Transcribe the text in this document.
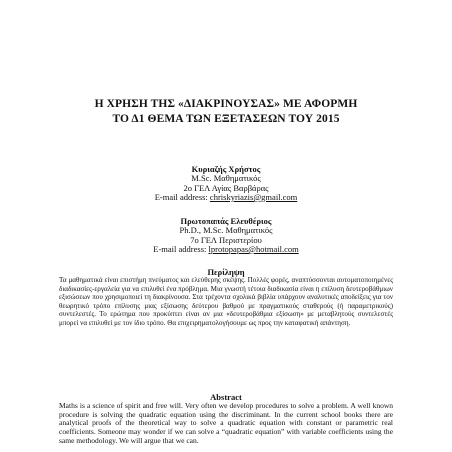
Η ΧΡΗΣΗ ΤΗΣ «ΔΙΑΚΡΙΝΟΥΣΑΣ» ΜΕ ΑΦΟΡΜΗ
ΤΟ Δ1 ΘΕΜΑ ΤΩΝ ΕΞΕΤΑΣΕΩΝ ΤΟΥ 2015
Κυριαζής Χρήστος
M.Sc. Μαθηματικός
2ο ΓΕΛ Αγίας Βαρβάρας
E-mail address: chriskyriazis@gmail.com
Πρωτοπαπάς Ελευθέριος
Ph.D., M.Sc. Μαθηματικός
7ο ΓΕΛ Περιστερίου
E-mail address: lprotopapas@hotmail.com
Περίληψη

Τα μαθηματικά είναι επιστήμη πνεύματος και ελεύθερης σκέψης. Πολλές φορές, αναπτύσσονται αυτοματοποιημένες διαδικασίες-εργαλεία για να επιλυθεί ένα πρόβλημα. Μια γνωστή τέτοια διαδικασία είναι η επίλυση δευτεροβάθμιων εξισώσεων που χρησιμοποιεί τη διακρίνουσα. Στα τρέχοντα σχολικά βιβλία υπάρχουν αναλυτικές αποδείξεις για τον θεωρητικό τρόπο επίλυσης μιας εξίσωσης δεύτερου βαθμού με πραγματικούς σταθερούς (ή παραμετρικούς) συντελεστές. Το ερώτημα που προκύπτει είναι αν μια «δευτεροβάθμια εξίσωση» με μεταβλητούς συντελεστές μπορεί να επιλυθεί με τον ίδιο τρόπο. Θα επιχειρηματολογήσουμε ως προς την καταφατική απάντηση.

Abstract

Maths is a science of spirit and free will. Very often we develop procedures to solve a problem. A well known procedure is solving the quadratic equation using the discriminant. In the current school books there are analytical proofs of the theoretical way to solve a quadratic equation with constant or parametric real coefficients. Someone may wonder if we can solve a “quadratic equation” with variable coefficients using the same methodology. We will argue that we can.
